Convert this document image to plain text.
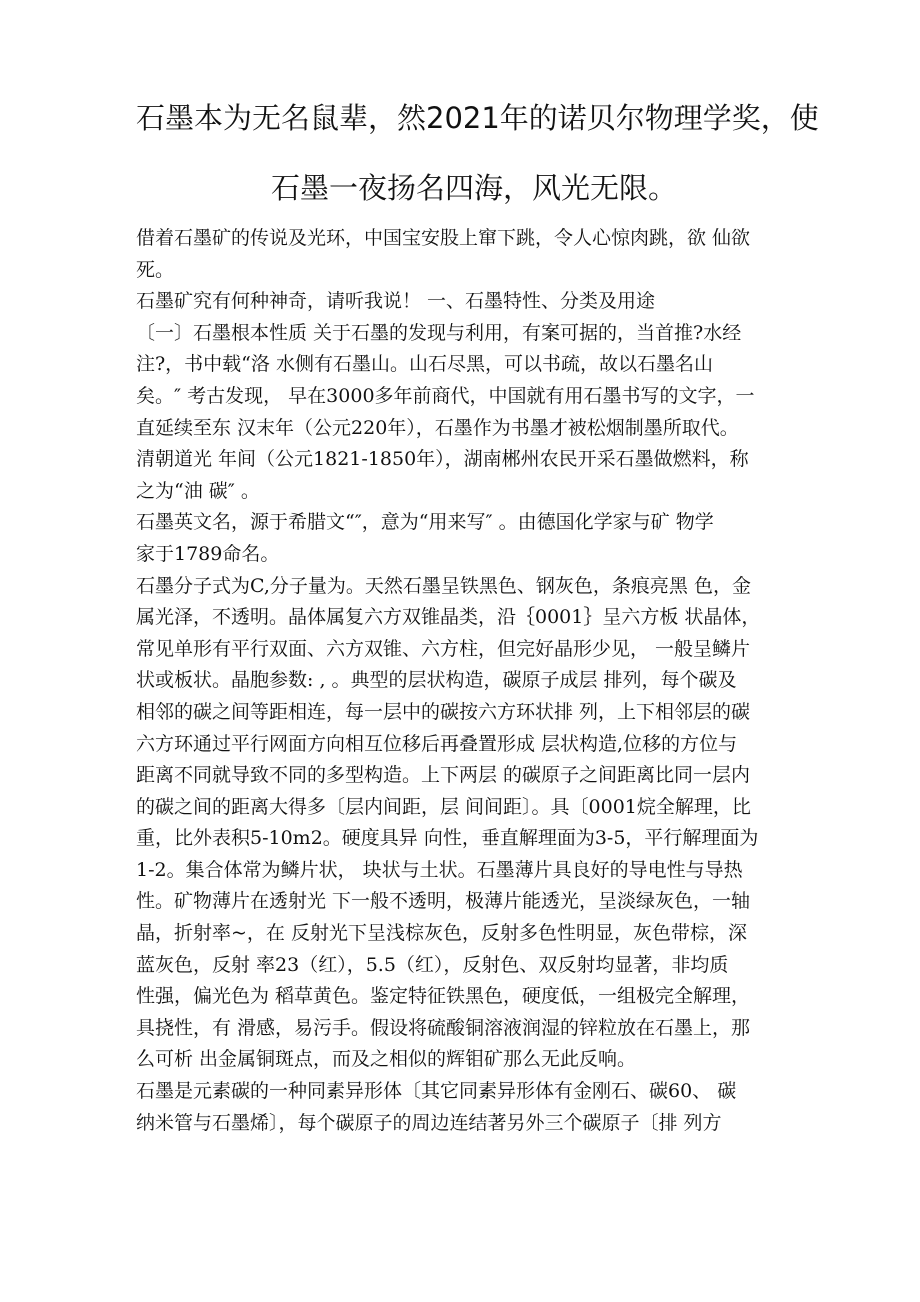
石墨本为无名鼠辈，然2021年的诺贝尔物理学奖，使
石墨一夜扬名四海，风光无限。

借着石墨矿的传说及光环，中国宝安股上窜下跳，令人心惊肉跳，欲 仙欲
死。

石墨矿究有何种神奇，请听我说！ 一、石墨特性、分类及用途

〔一〕石墨根本性质 关于石墨的发现与利用，有案可据的，当首推?水经
注?，书中载“洛 水侧有石墨山。山石尽黑，可以书疏，故以石墨名山
矣。″ 考古发现， 早在3000多年前商代，中国就有用石墨书写的文字，一
直延续至东 汉末年（公元220年），石墨作为书墨才被松烟制墨所取代。
清朝道光 年间（公元1821-1850年），湖南郴州农民开采石墨做燃料，称
之为“油 碳″ 。

石墨英文名，源于希腊文“″，意为“用来写″ 。由德国化学家与矿 物学
家于1789命名。

石墨分子式为C,分子量为。天然石墨呈铁黑色、钢灰色，条痕亮黑 色，金
属光泽，不透明。晶体属复六方双锥晶类，沿｛0001｝呈六方板 状晶体，
常见单形有平行双面、六方双锥、六方柱，但完好晶形少见， 一般呈鳞片
状或板状。晶胞参数: , 。典型的层状构造，碳原子成层 排列，每个碳及
相邻的碳之间等距相连，每一层中的碳按六方环状排 列，上下相邻层的碳
六方环通过平行网面方向相互位移后再叠置形成 层状构造,位移的方位与
距离不同就导致不同的多型构造。上下两层 的碳原子之间距离比同一层内
的碳之间的距离大得多〔层内间距，层 间间距〕。具〔0001烷全解理，比
重，比外表积5-10m2。硬度具异 向性，垂直解理面为3-5，平行解理面为
1-2。集合体常为鳞片状， 块状与土状。石墨薄片具良好的导电性与导热
性。矿物薄片在透射光 下一般不透明，极薄片能透光，呈淡绿灰色，一轴
晶，折射率~，在 反射光下呈浅棕灰色，反射多色性明显，灰色带棕，深
蓝灰色，反射 率23（红），5.5（红），反射色、双反射均显著，非均质
性强，偏光色为 稻草黄色。鉴定特征铁黑色，硬度低，一组极完全解理，
具挠性，有 滑感，易污手。假设将硫酸铜溶液润湿的锌粒放在石墨上，那
么可析 出金属铜斑点，而及之相似的辉钼矿那么无此反响。

石墨是元素碳的一种同素异形体〔其它同素异形体有金刚石、碳60、 碳
纳米管与石墨烯〕，每个碳原子的周边连结著另外三个碳原子〔排 列方
